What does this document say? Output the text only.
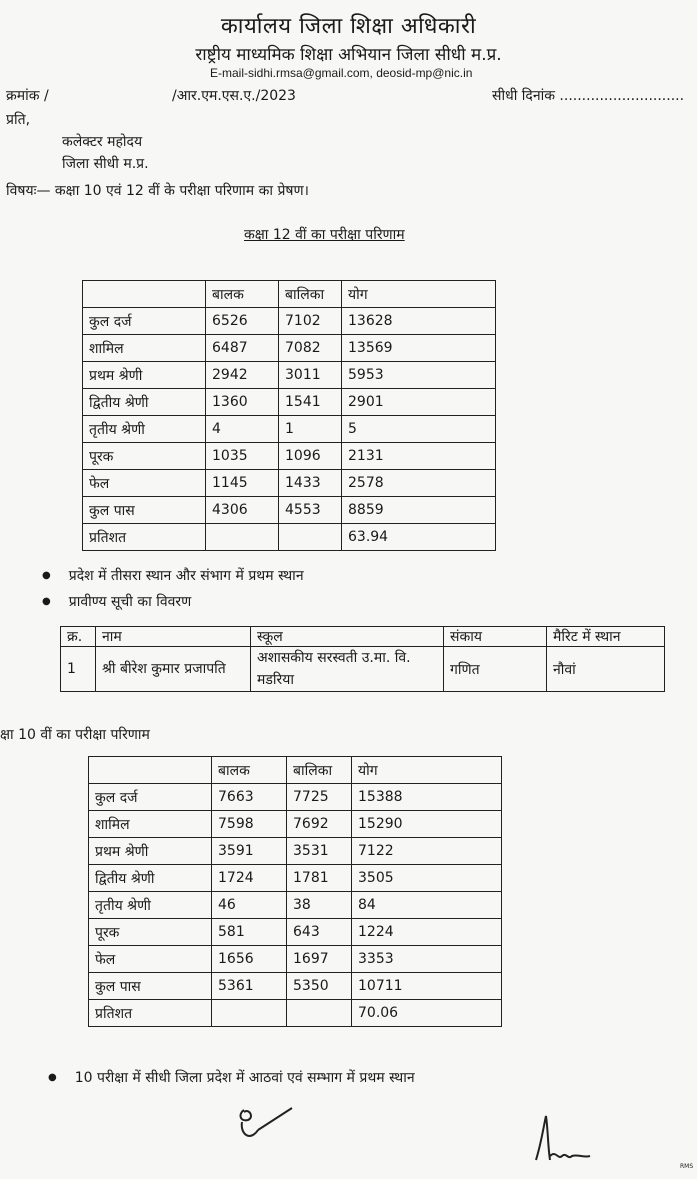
कार्यालय जिला शिक्षा अधिकारी
राष्ट्रीय माध्यमिक शिक्षा अभियान जिला सीधी म.प्र.
E-mail-sidhi.rmsa@gmail.com, deosid-mp@nic.in
क्रमांक /	/आर.एम.एस.ए./2023	सीधी दिनांक ............................
प्रति,
कलेक्टर महोदय
जिला सीधी म.प्र.
विषयः— कक्षा 10 एवं 12 वीं के परीक्षा परिणाम का प्रेषण।
कक्षा 12 वीं का परीक्षा परिणाम
	बालक	बालिका	योग
कुल दर्ज	6526	7102	13628
शामिल	6487	7082	13569
प्रथम श्रेणी	2942	3011	5953
द्वितीय श्रेणी	1360	1541	2901
तृतीय श्रेणी	4	1	5
पूरक	1035	1096	2131
फेल	1145	1433	2578
कुल पास	4306	4553	8859
प्रतिशत			63.94
● प्रदेश में तीसरा स्थान और संभाग में प्रथम स्थान
● प्रावीण्य सूची का विवरण
क्र.	नाम	स्कूल	संकाय	मैरिट में स्थान
1	श्री बीरेश कुमार प्रजापति	अशासकीय सरस्वती उ.मा. वि. मडरिया	गणित	नौवां
क्षा 10 वीं का परीक्षा परिणाम
	बालक	बालिका	योग
कुल दर्ज	7663	7725	15388
शामिल	7598	7692	15290
प्रथम श्रेणी	3591	3531	7122
द्वितीय श्रेणी	1724	1781	3505
तृतीय श्रेणी	46	38	84
पूरक	581	643	1224
फेल	1656	1697	3353
कुल पास	5361	5350	10711
प्रतिशत			70.06
● 10 परीक्षा में सीधी जिला प्रदेश में आठवां एवं सम्भाग में प्रथम स्थान
RMS
